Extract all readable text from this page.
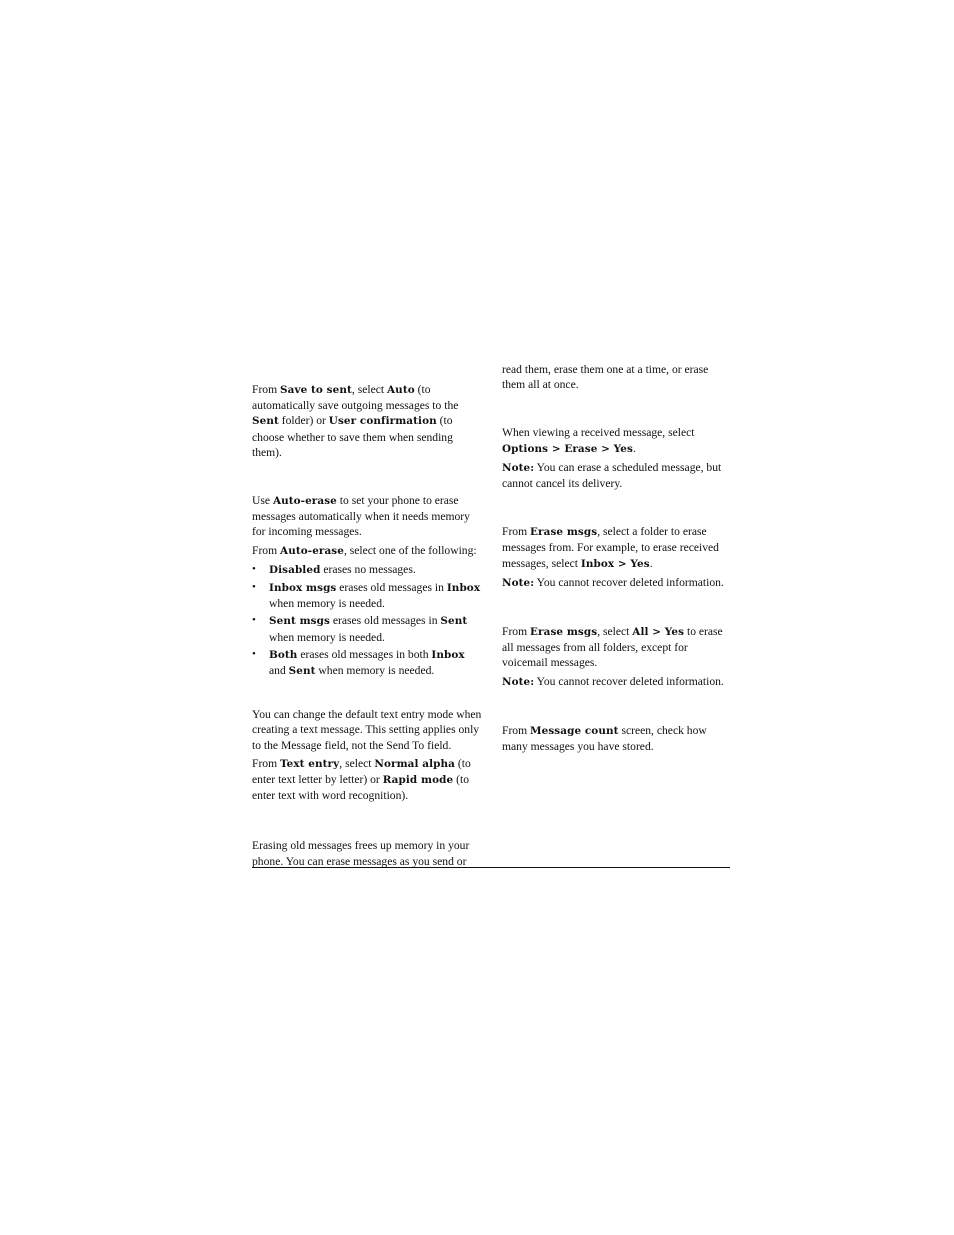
From Save to sent, select Auto (to automatically save outgoing messages to the Sent folder) or User confirmation (to choose whether to save them when sending them).

Use Auto-erase to set your phone to erase messages automatically when it needs memory for incoming messages.

From Auto-erase, select one of the following:

• Disabled erases no messages.
• Inbox msgs erases old messages in Inbox when memory is needed.
• Sent msgs erases old messages in Sent when memory is needed.
• Both erases old messages in both Inbox and Sent when memory is needed.

You can change the default text entry mode when creating a text message. This setting applies only to the Message field, not the Send To field.

From Text entry, select Normal alpha (to enter text letter by letter) or Rapid mode (to enter text with word recognition).

Erasing old messages frees up memory in your phone. You can erase messages as you send or

read them, erase them one at a time, or erase them all at once.

When viewing a received message, select Options > Erase > Yes.

Note: You can erase a scheduled message, but cannot cancel its delivery.

From Erase msgs, select a folder to erase messages from. For example, to erase received messages, select Inbox > Yes.

Note: You cannot recover deleted information.

From Erase msgs, select All > Yes to erase all messages from all folders, except for voicemail messages.

Note: You cannot recover deleted information.

From Message count screen, check how many messages you have stored.
